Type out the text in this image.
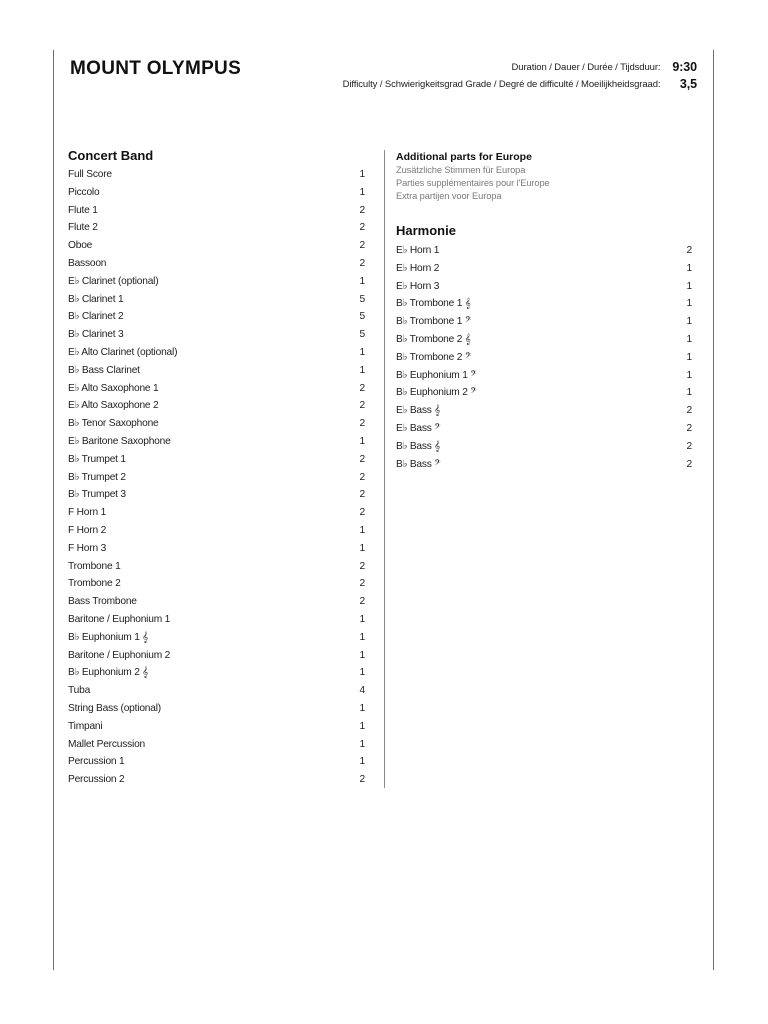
MOUNT OLYMPUS	Duration / Dauer / Durée / Tijdsduur: 9:30
Difficulty / Schwierigkeitsgrad Grade / Degré de difficulté / Moeilijkheidsgraad: 3,5
Concert Band
Full Score	1
Piccolo	1
Flute 1	2
Flute 2	2
Oboe	2
Bassoon	2
E♭ Clarinet (optional)	1
B♭ Clarinet 1	5
B♭ Clarinet 2	5
B♭ Clarinet 3	5
E♭ Alto Clarinet (optional)	1
B♭ Bass Clarinet	1
E♭ Alto Saxophone 1	2
E♭ Alto Saxophone 2	2
B♭ Tenor Saxophone	2
E♭ Baritone Saxophone	1
B♭ Trumpet 1	2
B♭ Trumpet 2	2
B♭ Trumpet 3	2
F Horn 1	2
F Horn 2	1
F Horn 3	1
Trombone 1	2
Trombone 2	2
Bass Trombone	2
Baritone / Euphonium 1	1
B♭ Euphonium 1 𝄞	1
Baritone / Euphonium 2	1
B♭ Euphonium 2 𝄞	1
Tuba	4
String Bass (optional)	1
Timpani	1
Mallet Percussion	1
Percussion 1	1
Percussion 2	2
Additional parts for Europe
Zusätzliche Stimmen für Europa
Parties supplémentaires pour l'Europe
Extra partijen voor Europa
Harmonie
E♭ Horn 1	2
E♭ Horn 2	1
E♭ Horn 3	1
B♭ Trombone 1 𝄞	1
B♭ Trombone 1 𝄢	1
B♭ Trombone 2 𝄞	1
B♭ Trombone 2 𝄢	1
B♭ Euphonium 1 𝄢	1
B♭ Euphonium 2 𝄢	1
E♭ Bass 𝄞	2
E♭ Bass 𝄢	2
B♭ Bass 𝄞	2
B♭ Bass 𝄢	2
